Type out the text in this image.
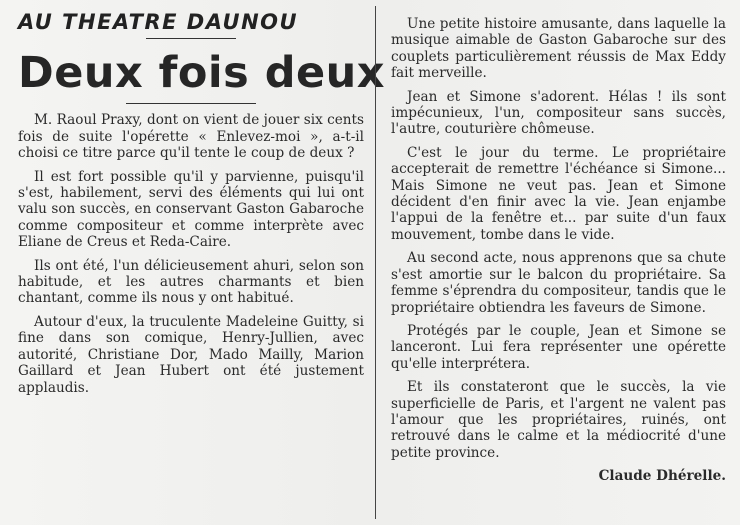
AU THEATRE DAUNOU
Deux fois deux

M. Raoul Praxy, dont on vient de jouer six cents fois de suite l'opérette « Enlevez-moi », a-t-il choisi ce titre parce qu'il tente le coup de deux ?

Il est fort possible qu'il y parvienne, puisqu'il s'est, habilement, servi des éléments qui lui ont valu son succès, en conservant Gaston Gabaroche comme compositeur et comme interprète avec Eliane de Creus et Reda-Caire.

Ils ont été, l'un délicieusement ahuri, selon son habitude, et les autres charmants et bien chantant, comme ils nous y ont habitué.

Autour d'eux, la truculente Madeleine Guitty, si fine dans son comique, Henry-Jullien, avec autorité, Christiane Dor, Mado Mailly, Marion Gaillard et Jean Hubert ont été justement applaudis.

Une petite histoire amusante, dans laquelle la musique aimable de Gaston Gabaroche sur des couplets particulièrement réussis de Max Eddy fait merveille.

Jean et Simone s'adorent. Hélas ! ils sont impécunieux, l'un, compositeur sans succès, l'autre, couturière chômeuse.

C'est le jour du terme. Le propriétaire accepterait de remettre l'échéance si Simone... Mais Simone ne veut pas. Jean et Simone décident d'en finir avec la vie. Jean enjambe l'appui de la fenêtre et... par suite d'un faux mouvement, tombe dans le vide.

Au second acte, nous apprenons que sa chute s'est amortie sur le balcon du propriétaire. Sa femme s'éprendra du compositeur, tandis que le propriétaire obtiendra les faveurs de Simone.

Protégés par le couple, Jean et Simone se lanceront. Lui fera représenter une opérette qu'elle interprétera.

Et ils constateront que le succès, la vie superficielle de Paris, et l'argent ne valent pas l'amour que les propriétaires, ruinés, ont retrouvé dans le calme et la médiocrité d'une petite province.

Claude Dhérelle.
